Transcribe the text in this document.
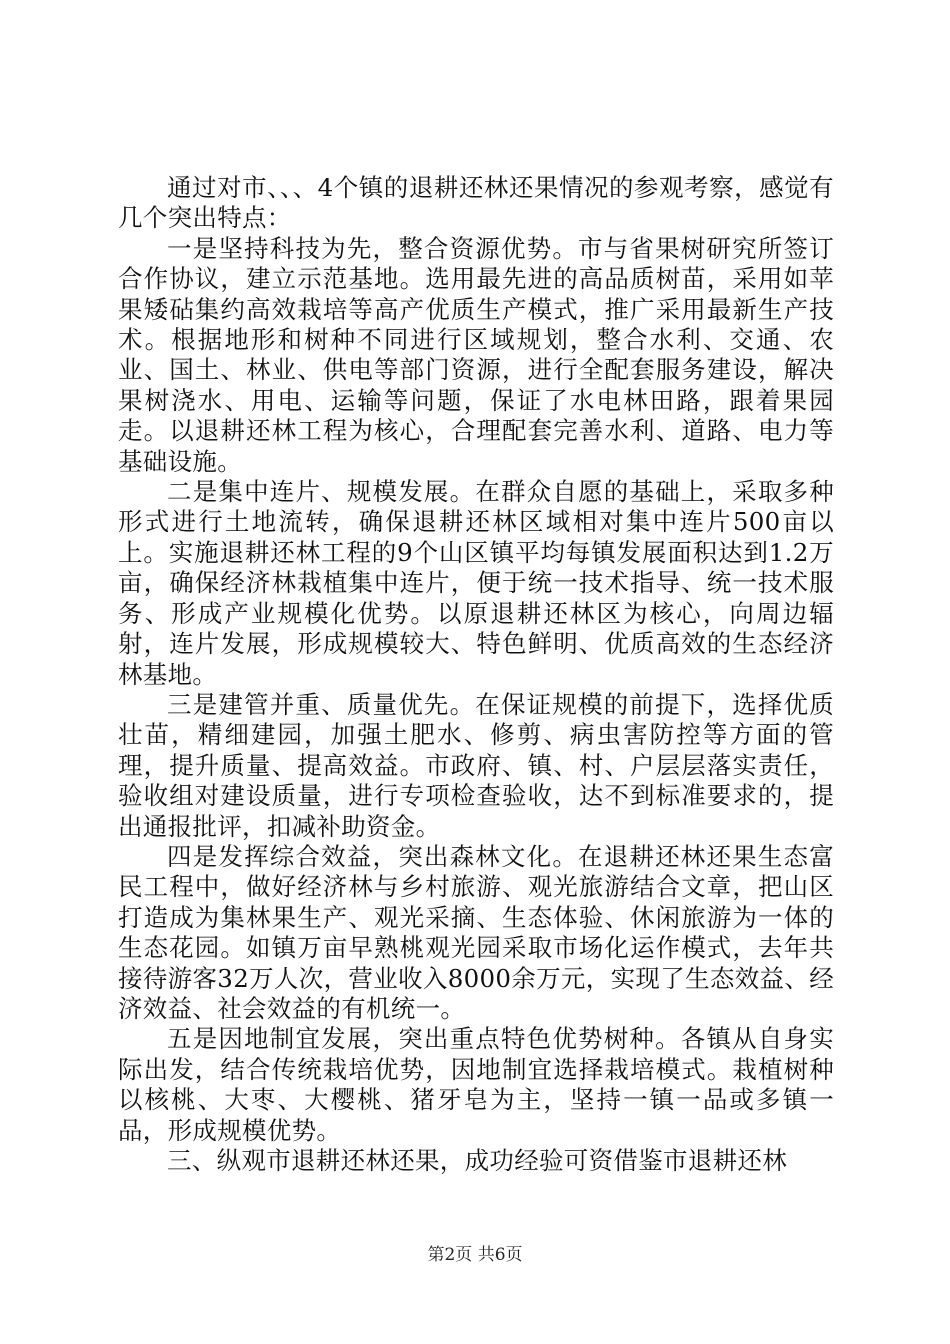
通过对市、、、4个镇的退耕还林还果情况的参观考察，感觉有几个突出特点：

一是坚持科技为先，整合资源优势。市与省果树研究所签订合作协议，建立示范基地。选用最先进的高品质树苗，采用如苹果矮砧集约高效栽培等高产优质生产模式，推广采用最新生产技术。根据地形和树种不同进行区域规划，整合水利、交通、农业、国土、林业、供电等部门资源，进行全配套服务建设，解决果树浇水、用电、运输等问题，保证了水电林田路，跟着果园走。以退耕还林工程为核心，合理配套完善水利、道路、电力等基础设施。

二是集中连片、规模发展。在群众自愿的基础上，采取多种形式进行土地流转，确保退耕还林区域相对集中连片500亩以上。实施退耕还林工程的9个山区镇平均每镇发展面积达到1.2万亩，确保经济林栽植集中连片，便于统一技术指导、统一技术服务、形成产业规模化优势。以原退耕还林区为核心，向周边辐射，连片发展，形成规模较大、特色鲜明、优质高效的生态经济林基地。

三是建管并重、质量优先。在保证规模的前提下，选择优质壮苗，精细建园，加强土肥水、修剪、病虫害防控等方面的管理，提升质量、提高效益。市政府、镇、村、户层层落实责任，验收组对建设质量，进行专项检查验收，达不到标准要求的，提出通报批评，扣减补助资金。

四是发挥综合效益，突出森林文化。在退耕还林还果生态富民工程中，做好经济林与乡村旅游、观光旅游结合文章，把山区打造成为集林果生产、观光采摘、生态体验、休闲旅游为一体的生态花园。如镇万亩早熟桃观光园采取市场化运作模式，去年共接待游客32万人次，营业收入8000余万元，实现了生态效益、经济效益、社会效益的有机统一。

五是因地制宜发展，突出重点特色优势树种。各镇从自身实际出发，结合传统栽培优势，因地制宜选择栽培模式。栽植树种以核桃、大枣、大樱桃、猪牙皂为主，坚持一镇一品或多镇一品，形成规模优势。

三、纵观市退耕还林还果，成功经验可资借鉴市退耕还林

第2页 共6页
